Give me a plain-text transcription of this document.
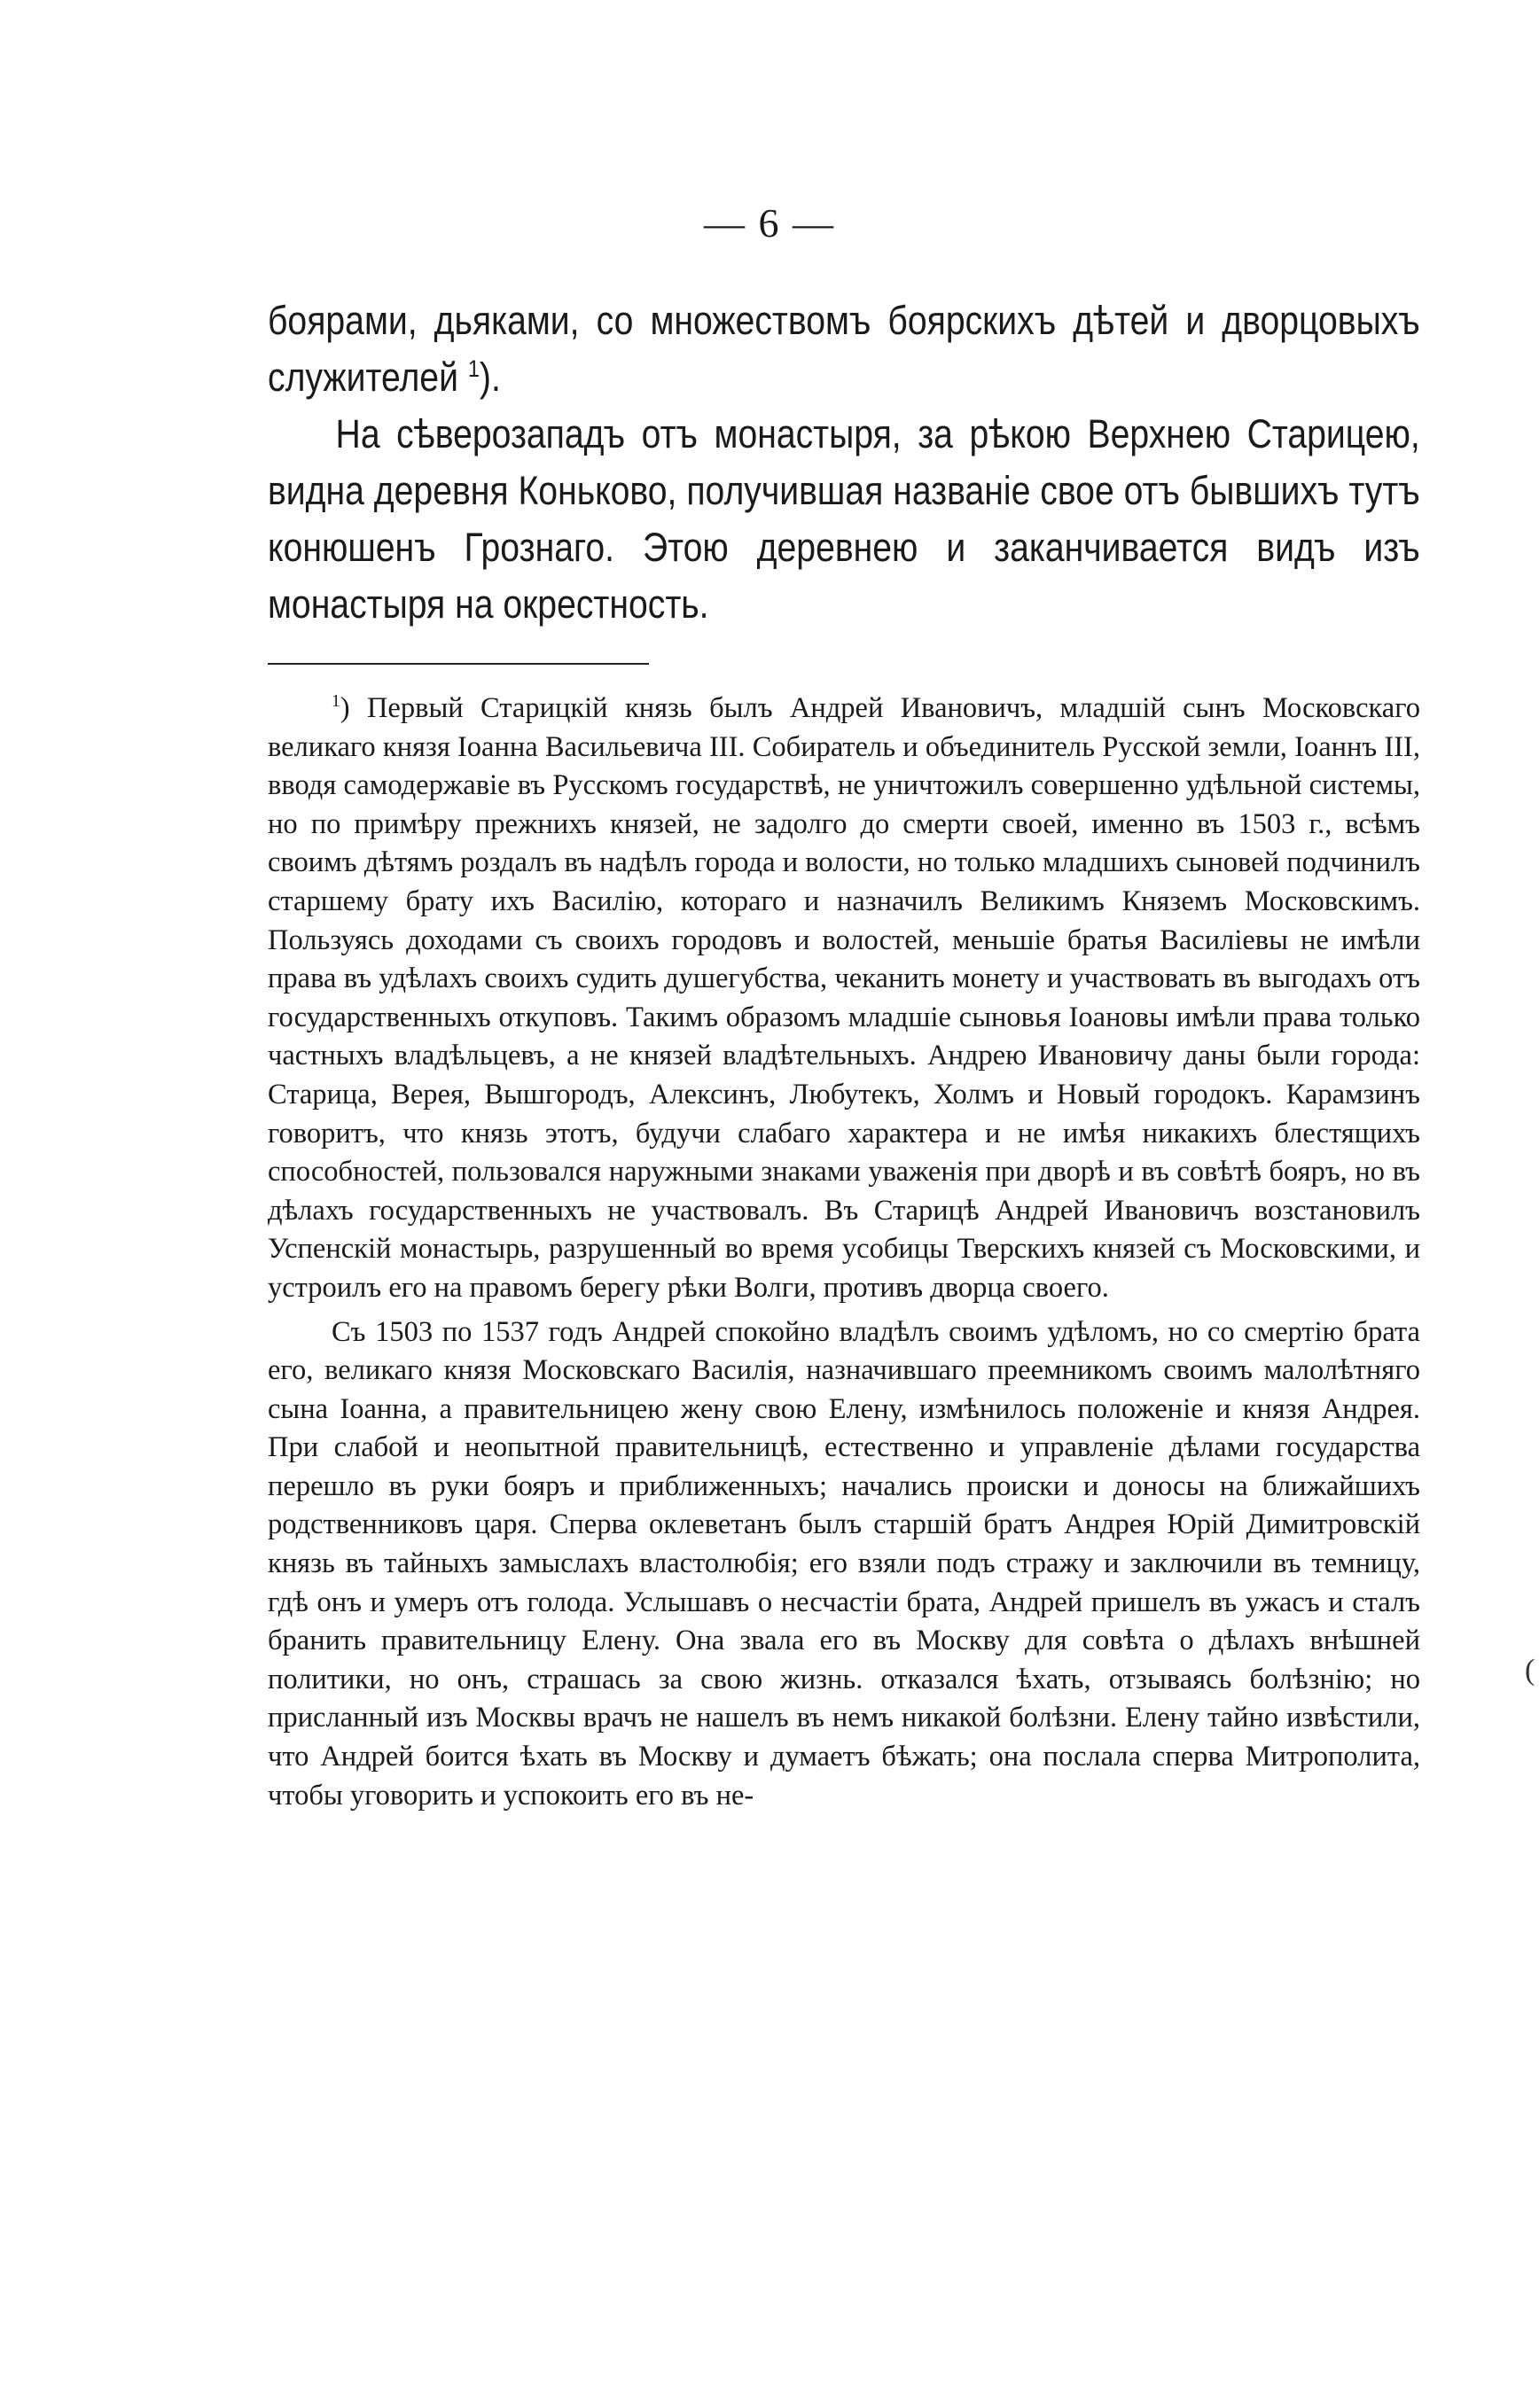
— 6 —

боярами, дьяками, со множествомъ боярскихъ дѣтей и дворцовыхъ служителей $^1$).

На сѣверозападъ отъ монастыря, за рѣкою Верхнею Старицею, видна деревня Коньково, получившая названіе свое отъ бывшихъ тутъ конюшенъ Грознаго. Этою деревнею и заканчивается видъ изъ монастыря на окрестность.

$^1$) Первый Старицкій князь былъ Андрей Ивановичъ, младшій сынъ Московскаго великаго князя Іоанна Васильевича III. Собиратель и объединитель Русской земли, Іоаннъ III, вводя самодержавіе въ Русскомъ государствѣ, не уничтожилъ совершенно удѣльной системы, но по примѣру прежнихъ князей, не задолго до смерти своей, именно въ 1503 г., всѣмъ своимъ дѣтямъ роздалъ въ надѣлъ города и волости, но только младшихъ сыновей подчинилъ старшему брату ихъ Василію, котораго и назначилъ Великимъ Княземъ Московскимъ. Пользуясь доходами съ своихъ городовъ и волостей, меньшіе братья Василіевы не имѣли права въ удѣлахъ своихъ судить душегубства, чеканить монету и участвовать въ выгодахъ отъ государственныхъ откуповъ. Такимъ образомъ младшіе сыновья Іоановы имѣли права только частныхъ владѣльцевъ, а не князей владѣтельныхъ. Андрею Ивановичу даны были города: Старица, Верея, Вышгородъ, Алексинъ, Любутекъ, Холмъ и Новый городокъ. Карамзинъ говоритъ, что князь этотъ, будучи слабаго характера и не имѣя никакихъ блестящихъ способностей, пользовался наружными знаками уваженія при дворѣ и въ совѣтѣ бояръ, но въ дѣлахъ государственныхъ не участвовалъ. Въ Старицѣ Андрей Ивановичъ возстановилъ Успенскій монастырь, разрушенный во время усобицы Тверскихъ князей съ Московскими, и устроилъ его на правомъ берегу рѣки Волги, противъ дворца своего.

Съ 1503 по 1537 годъ Андрей спокойно владѣлъ своимъ удѣломъ, но со смертію брата его, великаго князя Московскаго Василія, назначившаго преемникомъ своимъ малолѣтняго сына Іоанна, а правительницею жену свою Елену, измѣнилось положеніе и князя Андрея. При слабой и неопытной правительницѣ, естественно и управленіе дѣлами государства перешло въ руки бояръ и приближенныхъ; начались происки и доносы на ближайшихъ родственниковъ царя. Сперва оклеветанъ былъ старшій братъ Андрея Юрій Димитровскій князь въ тайныхъ замыслахъ властолюбія; его взяли подъ стражу и заключили въ темницу, гдѣ онъ и умеръ отъ голода. Услышавъ о несчастіи брата, Андрей пришелъ въ ужасъ и сталъ бранить правительницу Елену. Она звала его въ Москву для совѣта о дѣлахъ внѣшней политики, но онъ, страшась за свою жизнь. отказался ѣхать, отзываясь болѣзнію; но присланный изъ Москвы врачъ не нашелъ въ немъ никакой болѣзни. Елену тайно извѣстили, что Андрей боится ѣхать въ Москву и думаетъ бѣжать; она послала сперва Митрополита, чтобы уговорить и успокоить его въ не-

(
